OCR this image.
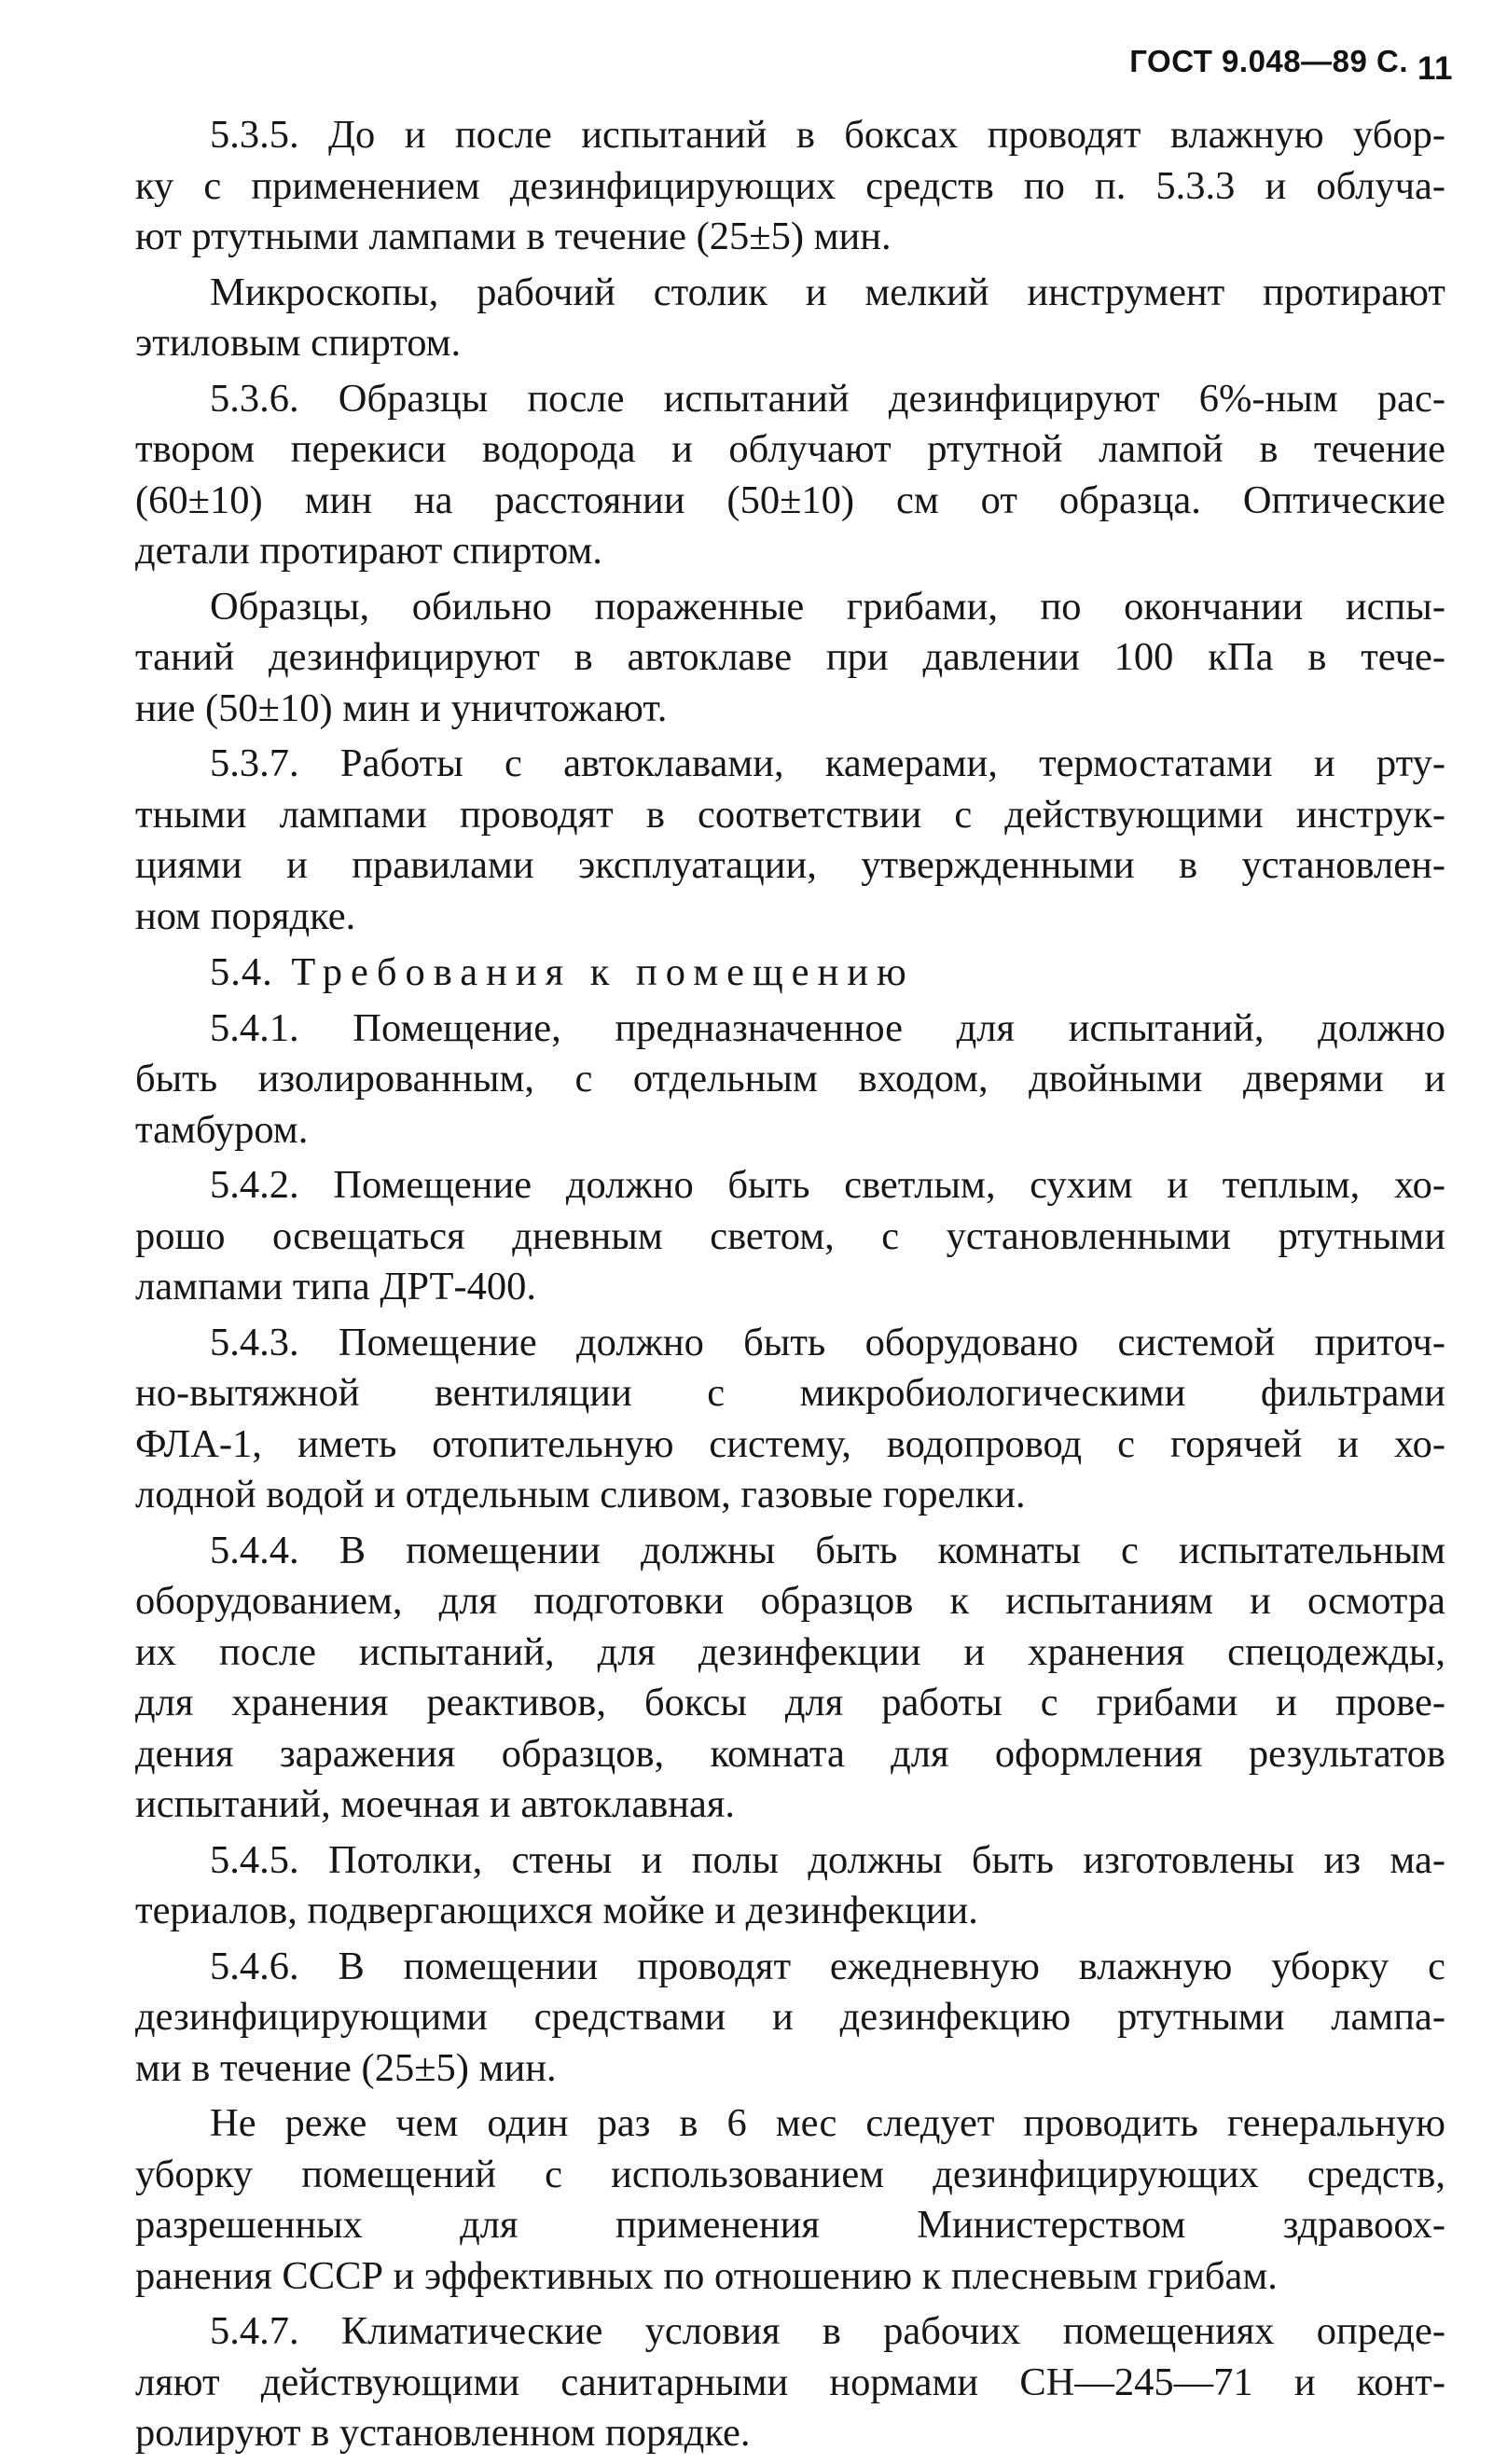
ГОСТ 9.048—89 С. 11
5.3.5. До и после испытаний в боксах проводят влажную убор-
ку с применением дезинфицирующих средств по п. 5.3.3 и облуча-
ют ртутными лампами в течение (25±5) мин.
Микроскопы, рабочий столик и мелкий инструмент протирают
этиловым спиртом.
5.3.6. Образцы после испытаний дезинфицируют 6%-ным рас-
твором перекиси водорода и облучают ртутной лампой в течение
(60±10) мин на расстоянии (50±10) см от образца. Оптические
детали протирают спиртом.
Образцы, обильно пораженные грибами, по окончании испы-
таний дезинфицируют в автоклаве при давлении 100 кПа в тече-
ние (50±10) мин и уничтожают.
5.3.7. Работы с автоклавами, камерами, термостатами и рту-
тными лампами проводят в соответствии с действующими инструк-
циями и правилами эксплуатации, утвержденными в установлен-
ном порядке.
5.4. Требования к помещению
5.4.1. Помещение, предназначенное для испытаний, должно
быть изолированным, с отдельным входом, двойными дверями и
тамбуром.
5.4.2. Помещение должно быть светлым, сухим и теплым, хо-
рошо освещаться дневным светом, с установленными ртутными
лампами типа ДРТ-400.
5.4.3. Помещение должно быть оборудовано системой приточ-
но-вытяжной вентиляции с микробиологическими фильтрами
ФЛА-1, иметь отопительную систему, водопровод с горячей и хо-
лодной водой и отдельным сливом, газовые горелки.
5.4.4. В помещении должны быть комнаты с испытательным
оборудованием, для подготовки образцов к испытаниям и осмотра
их после испытаний, для дезинфекции и хранения спецодежды,
для хранения реактивов, боксы для работы с грибами и прове-
дения заражения образцов, комната для оформления результатов
испытаний, моечная и автоклавная.
5.4.5. Потолки, стены и полы должны быть изготовлены из ма-
териалов, подвергающихся мойке и дезинфекции.
5.4.6. В помещении проводят ежедневную влажную уборку с
дезинфицирующими средствами и дезинфекцию ртутными лампа-
ми в течение (25±5) мин.
Не реже чем один раз в 6 мес следует проводить генеральную
уборку помещений с использованием дезинфицирующих средств,
разрешенных для применения Министерством здравоох-
ранения СССР и эффективных по отношению к плесневым грибам.
5.4.7. Климатические условия в рабочих помещениях опреде-
ляют действующими санитарными нормами СН—245—71 и конт-
ролируют в установленном порядке.
